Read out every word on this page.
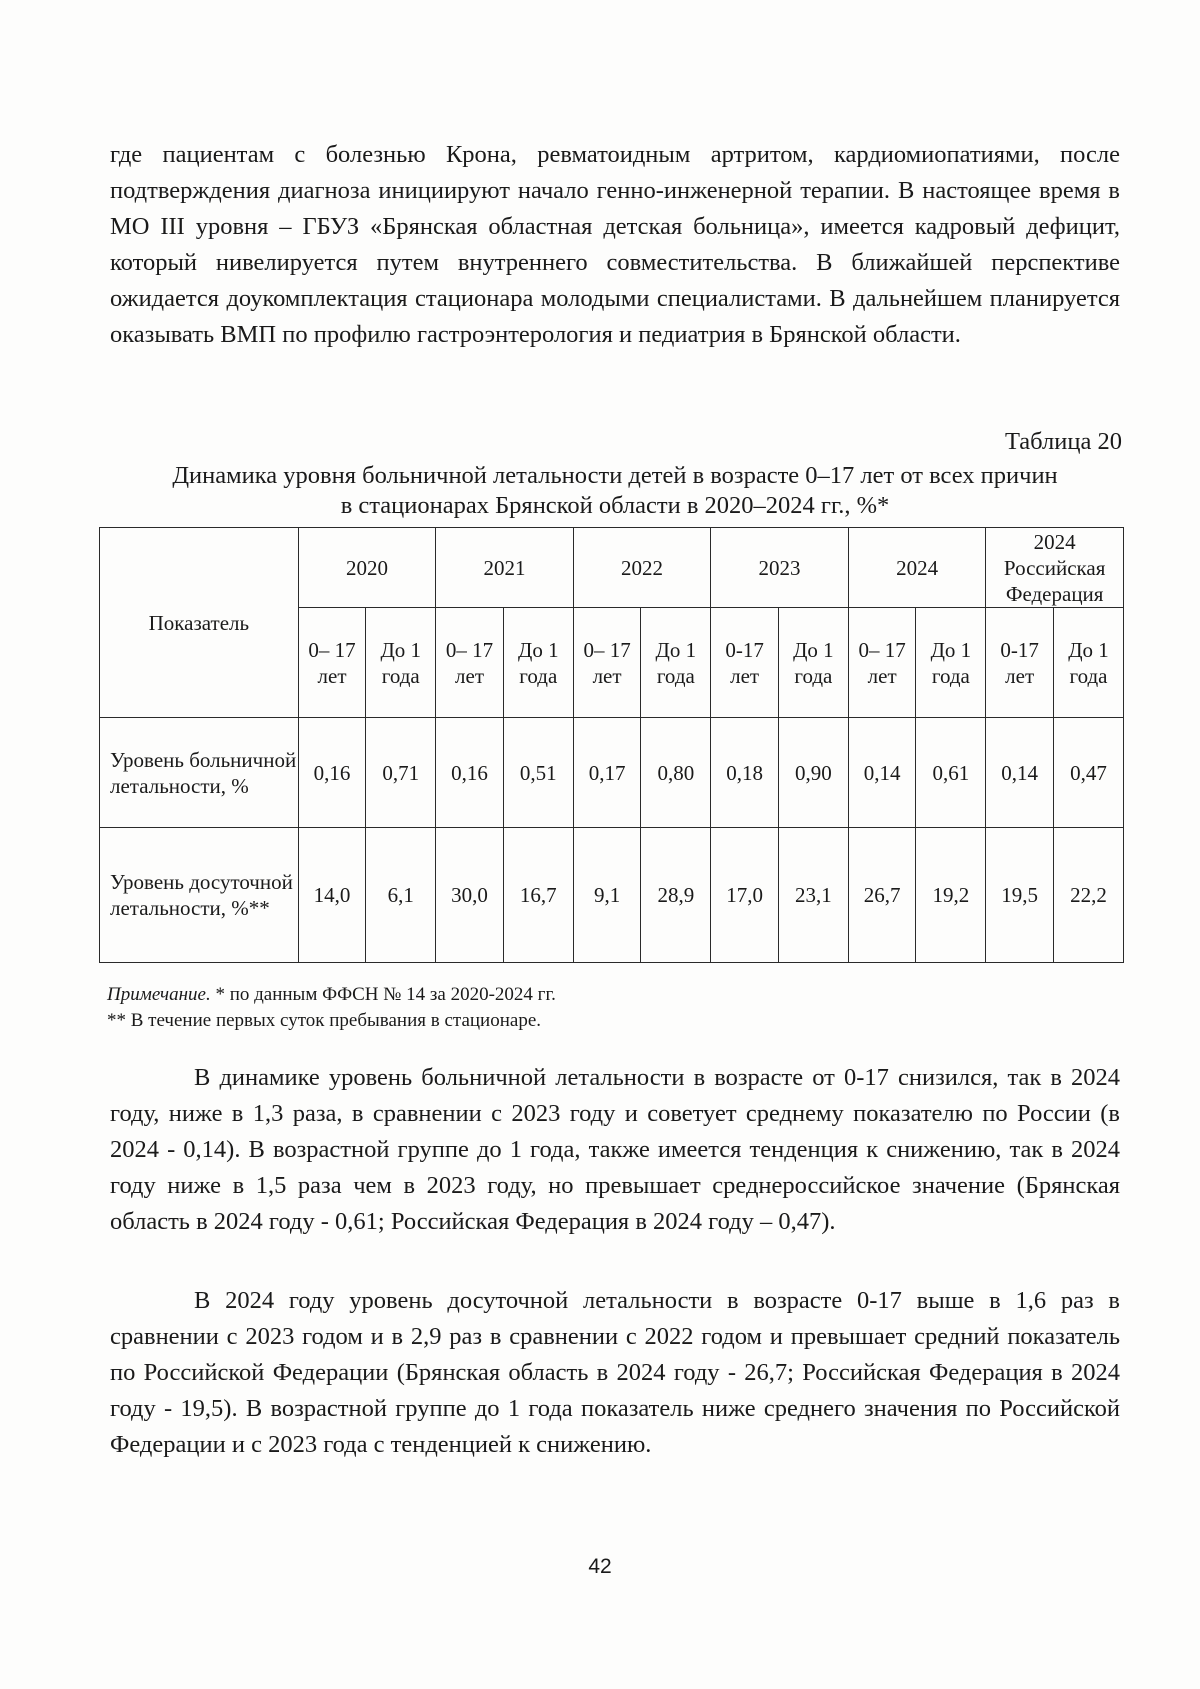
где пациентам с болезнью Крона, ревматоидным артритом, кардиомиопатиями, после подтверждения диагноза инициируют начало генно-инженерной терапии. В настоящее время в МО III уровня – ГБУЗ «Брянская областная детская больница», имеется кадровый дефицит, который нивелируется путем внутреннего совместительства. В ближайшей перспективе ожидается доукомплектация стационара молодыми специалистами. В дальнейшем планируется оказывать ВМП по профилю гастроэнтерология и педиатрия в Брянской области.

Таблица 20

Динамика уровня больничной летальности детей в возрасте 0–17 лет от всех причин
в стационарах Брянской области в 2020–2024 гг., %*

Показатель	2020		2021		2022		2023		2024		2024 Российская Федерация	
	0– 17 лет	До 1 года	0– 17 лет	До 1 года	0– 17 лет	До 1 года	0-17 лет	До 1 года	0– 17 лет	До 1 года	0-17 лет	До 1 года
Уровень больничной летальности, %	0,16	0,71	0,16	0,51	0,17	0,80	0,18	0,90	0,14	0,61	0,14	0,47
Уровень досуточной летальности, %**	14,0	6,1	30,0	16,7	9,1	28,9	17,0	23,1	26,7	19,2	19,5	22,2

Примечание. * по данным ФФСН № 14 за 2020-2024 гг.

** В течение первых суток пребывания в стационаре.

В динамике уровень больничной летальности в возрасте от 0-17 снизился, так в 2024 году, ниже в 1,3 раза, в сравнении с 2023 году и советует среднему показателю по России (в 2024 - 0,14). В возрастной группе до 1 года, также имеется тенденция к снижению, так в 2024 году ниже в 1,5 раза чем в 2023 году, но превышает среднероссийское значение (Брянская область в 2024 году - 0,61; Российская Федерация в 2024 году – 0,47).

В 2024 году уровень досуточной летальности в возрасте 0-17 выше в 1,6 раз в сравнении с 2023 годом и в 2,9 раз в сравнении с 2022 годом и превышает средний показатель по Российской Федерации (Брянская область в 2024 году - 26,7; Российская Федерация в 2024 году - 19,5). В возрастной группе до 1 года показатель ниже среднего значения по Российской Федерации и с 2023 года с тенденцией к снижению.

42
